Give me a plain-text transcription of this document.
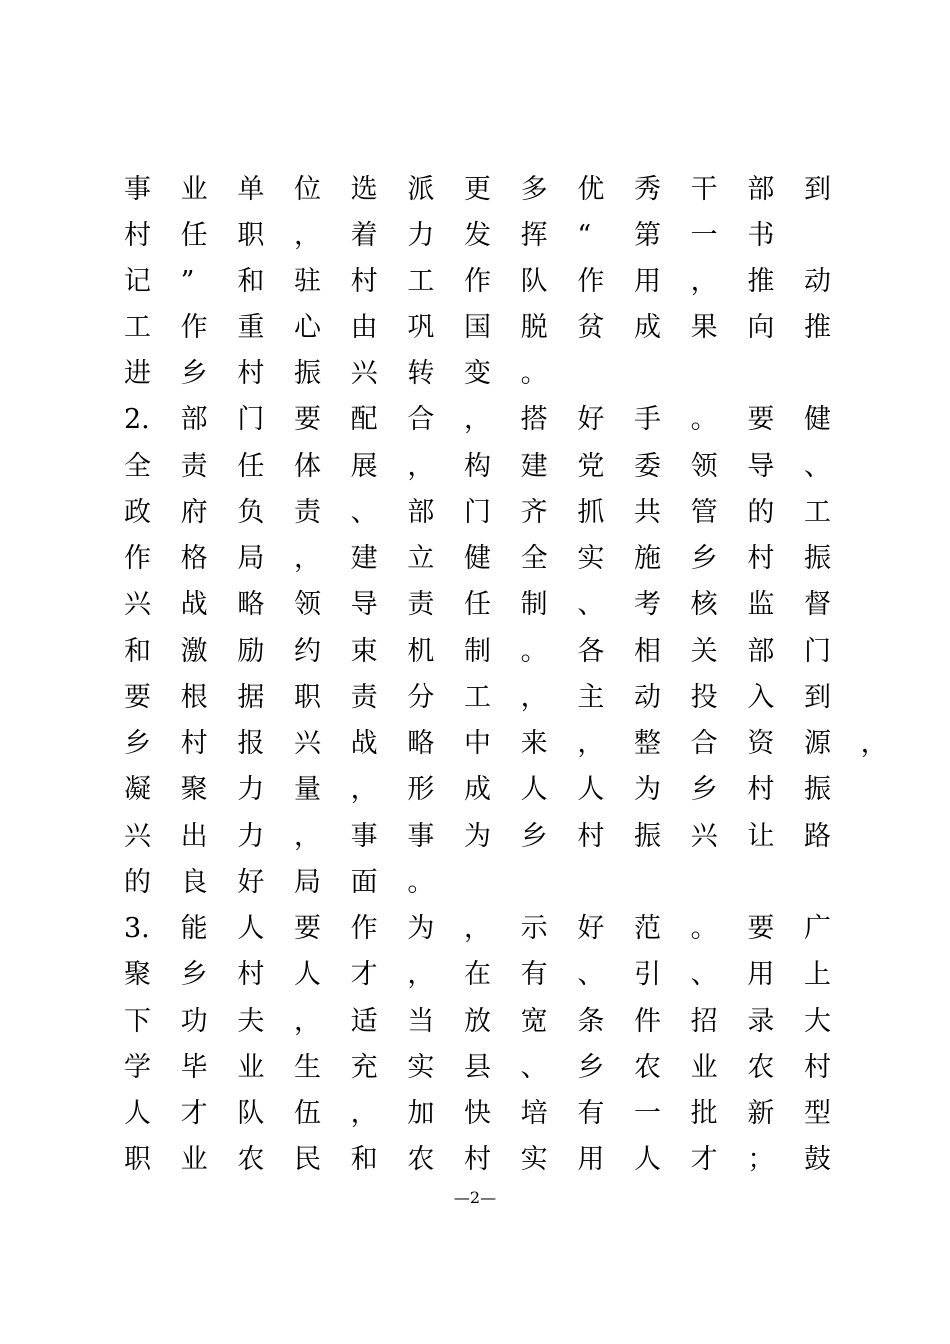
事 业 单 位 选 派 更 多 优 秀 干 部 到
村 任 职 ， 着 力 发 挥 “ 第 一 书
记 ” 和 驻 村 工 作 队 作 用 ， 推 动
工 作 重 心 由 巩 国 脱 贫 成 果 向 推
进 乡 村 振 兴 转 变 。
2. 部 门 要 配 合 ， 搭 好 手 。 要 健
全 责 任 体 展 ， 构 建 党 委 领 导 、
政 府 负 责 、 部 门 齐 抓 共 管 的 工
作 格 局 ， 建 立 健 全 实 施 乡 村 振
兴 战 略 领 导 责 任 制 、 考 核 监 督
和 激 励 约 束 机 制 。 各 相 关 部 门
要 根 据 职 责 分 工 ， 主 动 投 入 到
乡 村 报 兴 战 略 中 来 ， 整 合 资 源 ，
凝 聚 力 量 ， 形 成 人 人 为 乡 村 振
兴 出 力 ， 事 事 为 乡 村 振 兴 让 路
的 良 好 局 面 。
3. 能 人 要 作 为 ， 示 好 范 。 要 广
聚 乡 村 人 才 ， 在 有 、 引 、 用 上
下 功 夫 ， 适 当 放 宽 条 件 招 录 大
学 毕 业 生 充 实 县 、 乡 农 业 农 村
人 才 队 伍 ， 加 快 培 有 一 批 新 型
职 业 农 民 和 农 村 实 用 人 才 ； 鼓
—2—
